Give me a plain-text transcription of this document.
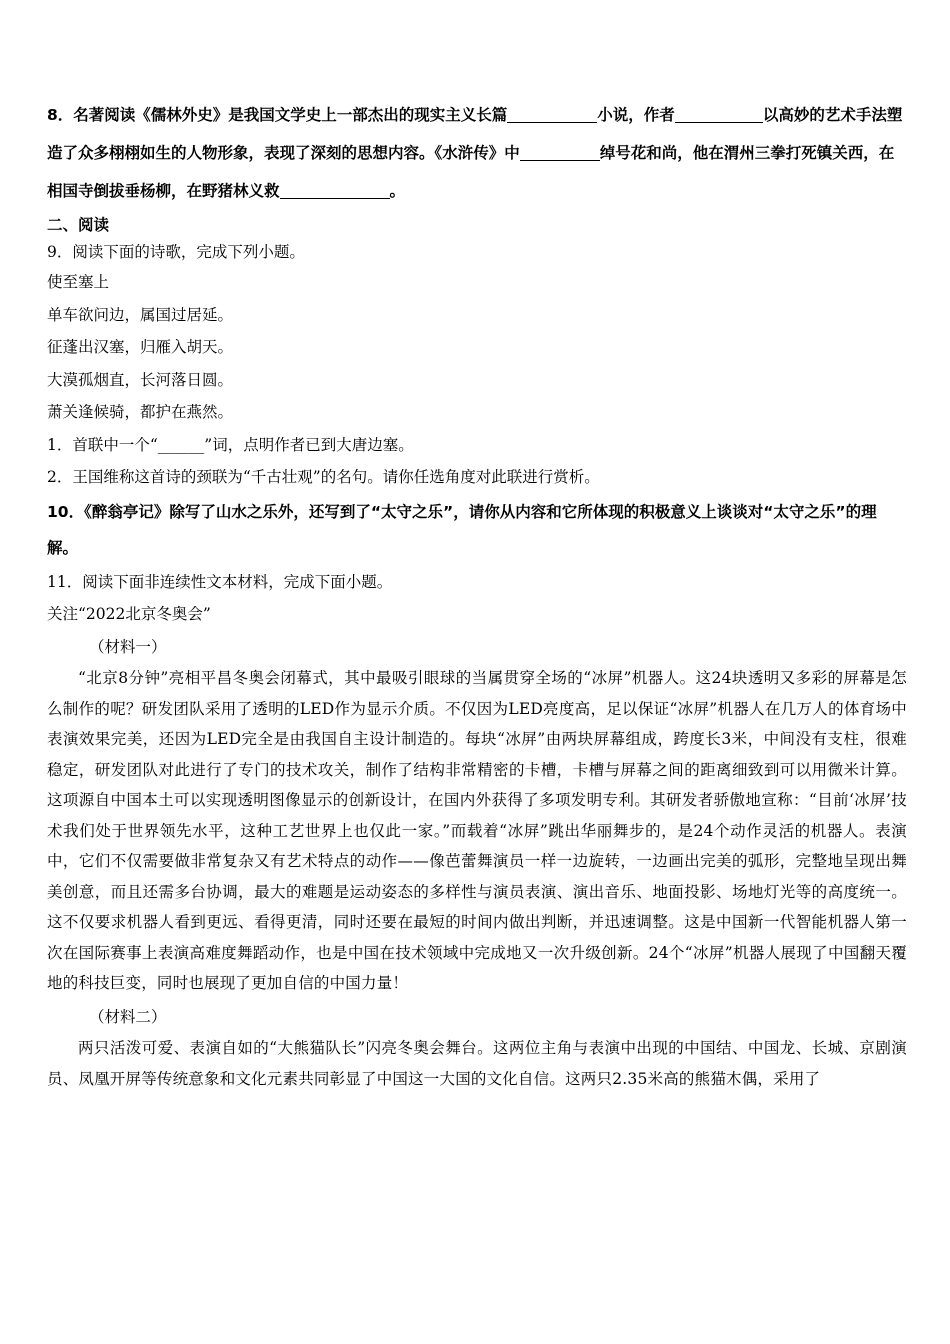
8．名著阅读《儒林外史》是我国文学史上一部杰出的现实主义长篇	小说，作者	以高妙的艺术手法塑造了众多栩栩如生的人物形象，表现了深刻的思想内容。《水浒传》中	绰号花和尚，他在渭州三拳打死镇关西，在相国寺倒拔垂杨柳，在野猪林义救	。

二、阅读

9．阅读下面的诗歌，完成下列小题。

使至塞上

单车欲问边，属国过居延。

征蓬出汉塞，归雁入胡天。

大漠孤烟直，长河落日圆。

萧关逢候骑，都护在燕然。

1．首联中一个“______”词，点明作者已到大唐边塞。

2．王国维称这首诗的颈联为“千古壮观”的名句。请你任选角度对此联进行赏析。

10．《醉翁亭记》除写了山水之乐外，还写到了“太守之乐”，请你从内容和它所体现的积极意义上谈谈对“太守之乐”的理解。

11．阅读下面非连续性文本材料，完成下面小题。

关注“2022北京冬奥会”

（材料一）

“北京8分钟”亮相平昌冬奥会闭幕式，其中最吸引眼球的当属贯穿全场的“冰屏”机器人。这24块透明又多彩的屏幕是怎么制作的呢？研发团队采用了透明的LED作为显示介质。不仅因为LED亮度高，足以保证“冰屏”机器人在几万人的体育场中表演效果完美，还因为LED完全是由我国自主设计制造的。每块“冰屏”由两块屏幕组成，跨度长3米，中间没有支柱，很难稳定，研发团队对此进行了专门的技术攻关，制作了结构非常精密的卡槽，卡槽与屏幕之间的距离细致到可以用微米计算。这项源自中国本土可以实现透明图像显示的创新设计，在国内外获得了多项发明专利。其研发者骄傲地宣称：“目前‘冰屏’技术我们处于世界领先水平，这种工艺世界上也仅此一家。”而载着“冰屏”跳出华丽舞步的，是24个动作灵活的机器人。表演中，它们不仅需要做非常复杂又有艺术特点的动作——像芭蕾舞演员一样一边旋转，一边画出完美的弧形，完整地呈现出舞美创意，而且还需多台协调，最大的难题是运动姿态的多样性与演员表演、演出音乐、地面投影、场地灯光等的高度统一。这不仅要求机器人看到更远、看得更清，同时还要在最短的时间内做出判断，并迅速调整。这是中国新一代智能机器人第一次在国际赛事上表演高难度舞蹈动作，也是中国在技术领域中完成地又一次升级创新。24个“冰屏”机器人展现了中国翻天覆地的科技巨变，同时也展现了更加自信的中国力量！

（材料二）

两只活泼可爱、表演自如的“大熊猫队长”闪亮冬奥会舞台。这两位主角与表演中出现的中国结、中国龙、长城、京剧演员、凤凰开屏等传统意象和文化元素共同彰显了中国这一大国的文化自信。这两只2.35米高的熊猫木偶，采用了
